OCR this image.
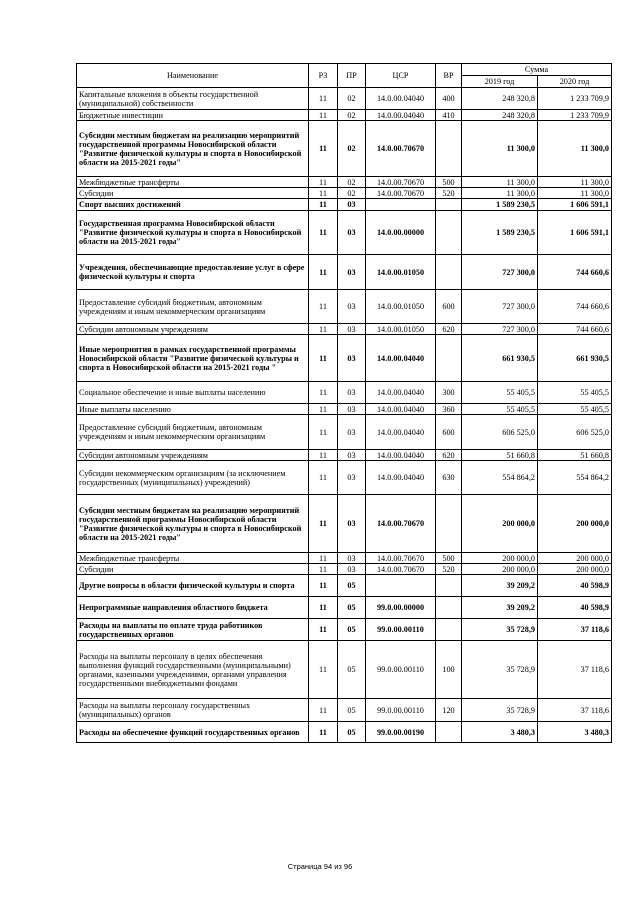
Наименование	РЗ	ПР	ЦСР	ВР	Сумма	
					2019 год	2020 год
Капитальные вложения в объекты государственной (муниципальной) собственности	11	02	14.0.00.04040	400	248 320,8	1 233 709,9
Бюджетные инвестиции	11	02	14.0.00.04040	410	248 320,8	1 233 709,9
Субсидии местным бюджетам на реализацию мероприятий государственной программы Новосибирской области "Развитие физической культуры и спорта в Новосибирской области на 2015-2021 годы"	11	02	14.0.00.70670		11 300,0	11 300,0
Межбюджетные трансферты	11	02	14.0.00.70670	500	11 300,0	11 300,0
Субсидии	11	02	14.0.00.70670	520	11 300,0	11 300,0
Спорт высших достижений	11	03			1 589 230,5	1 606 591,1
Государственная программа Новосибирской области "Развитие физической культуры и спорта в Новосибирской области на 2015-2021 годы"	11	03	14.0.00.00000		1 589 230,5	1 606 591,1
Учреждения, обеспечивающие предоставление услуг в сфере физической культуры и спорта	11	03	14.0.00.01050		727 300,0	744 660,6
Предоставление субсидий бюджетным, автономным учреждениям и иным некоммерческим организациям	11	03	14.0.00.01050	600	727 300,0	744 660,6
Субсидии автономным учреждениям	11	03	14.0.00.01050	620	727 300,0	744 660,6
Иные мероприятия в рамках государственной программы Новосибирской области "Развитие физической культуры и спорта в Новосибирской области на 2015-2021 годы "	11	03	14.0.00.04040		661 930,5	661 930,5
Социальное обеспечение и иные выплаты населению	11	03	14.0.00.04040	300	55 405,5	55 405,5
Иные выплаты населению	11	03	14.0.00.04040	360	55 405,5	55 405,5
Предоставление субсидий бюджетным, автономным учреждениям и иным некоммерческим организациям	11	03	14.0.00.04040	600	606 525,0	606 525,0
Субсидии автономным учреждениям	11	03	14.0.00.04040	620	51 660,8	51 660,8
Субсидии некоммерческим организациям (за исключением государственных (муниципальных) учреждений)	11	03	14.0.00.04040	630	554 864,2	554 864,2
Субсидии местным бюджетам на реализацию мероприятий государственной программы Новосибирской области "Развитие физической культуры и спорта в Новосибирской области на 2015-2021 годы"	11	03	14.0.00.70670		200 000,0	200 000,0
Межбюджетные трансферты	11	03	14.0.00.70670	500	200 000,0	200 000,0
Субсидии	11	03	14.0.00.70670	520	200 000,0	200 000,0
Другие вопросы в области физической культуры и спорта	11	05			39 209,2	40 598,9
Непрограммные направления областного бюджета	11	05	99.0.00.00000		39 209,2	40 598,9
Расходы на выплаты по оплате труда работников государственных органов	11	05	99.0.00.00110		35 728,9	37 118,6
Расходы на выплаты персоналу в целях обеспечения выполнения функций государственными (муниципальными) органами, казенными учреждениями, органами управления государственными внебюджетными фондами	11	05	99.0.00.00110	100	35 728,9	37 118,6
Расходы на выплаты персоналу государственных (муниципальных) органов	11	05	99.0.00.00110	120	35 728,9	37 118,6
Расходы на обеспечение функций государственных органов	11	05	99.0.00.00190		3 480,3	3 480,3
Страница 94 из 96
